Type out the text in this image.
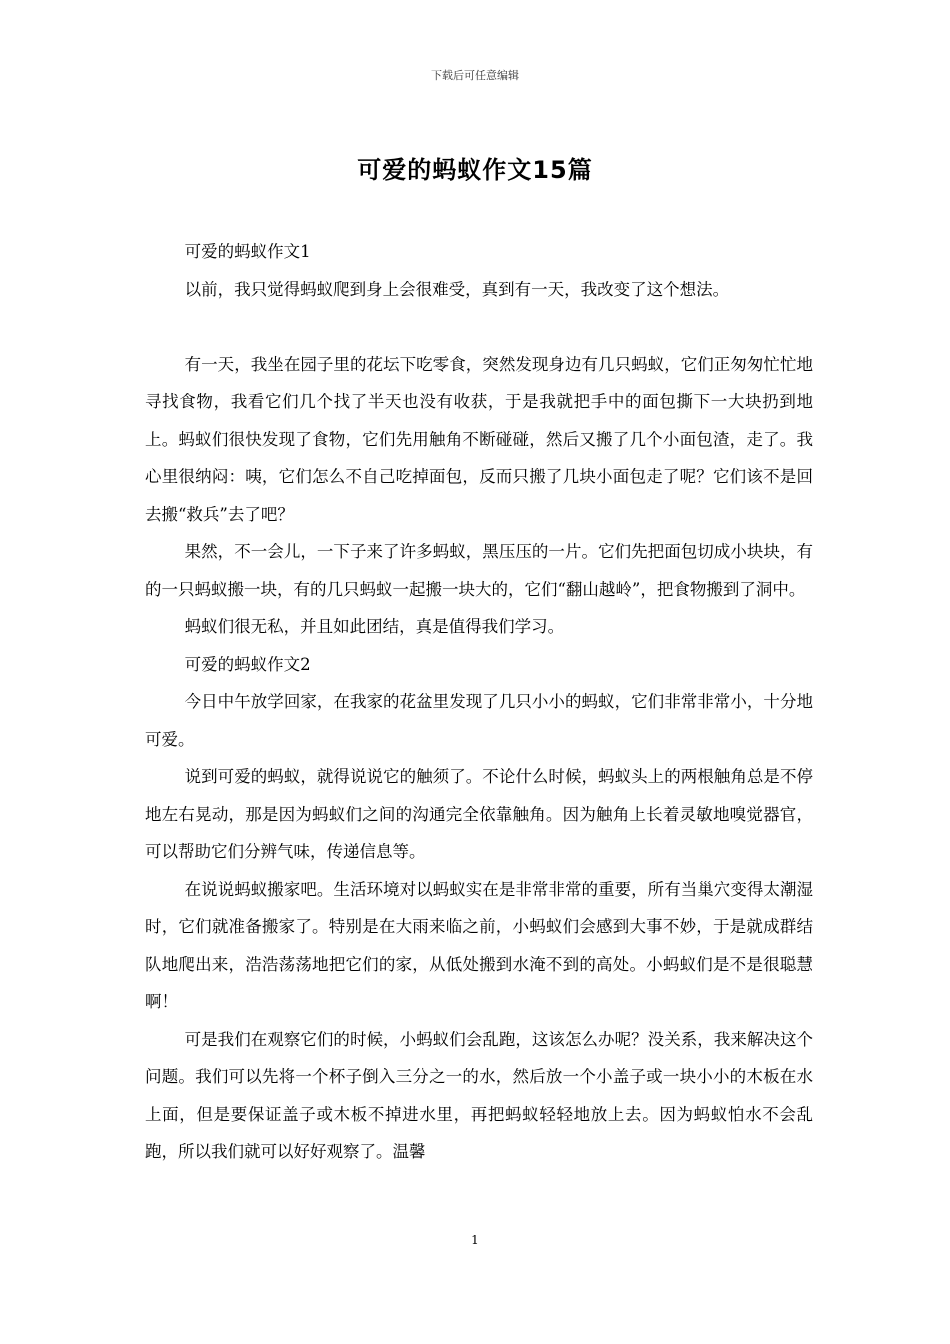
下载后可任意编辑
可爱的蚂蚁作文15篇

可爱的蚂蚁作文1

以前，我只觉得蚂蚁爬到身上会很难受，真到有一天，我改变了这个想法。

有一天，我坐在园子里的花坛下吃零食，突然发现身边有几只蚂蚁，它们正匆匆忙忙地寻找食物，我看它们几个找了半天也没有收获，于是我就把手中的面包撕下一大块扔到地上。蚂蚁们很快发现了食物，它们先用触角不断碰碰，然后又搬了几个小面包渣，走了。我心里很纳闷：咦，它们怎么不自己吃掉面包，反而只搬了几块小面包走了呢？它们该不是回去搬“救兵”去了吧？

果然，不一会儿，一下子来了许多蚂蚁，黑压压的一片。它们先把面包切成小块块，有的一只蚂蚁搬一块，有的几只蚂蚁一起搬一块大的，它们“翻山越岭”，把食物搬到了洞中。

蚂蚁们很无私，并且如此团结，真是值得我们学习。

可爱的蚂蚁作文2

今日中午放学回家，在我家的花盆里发现了几只小小的蚂蚁，它们非常非常小，十分地可爱。

说到可爱的蚂蚁，就得说说它的触须了。不论什么时候，蚂蚁头上的两根触角总是不停地左右晃动，那是因为蚂蚁们之间的沟通完全依靠触角。因为触角上长着灵敏地嗅觉器官，可以帮助它们分辨气味，传递信息等。

在说说蚂蚁搬家吧。生活环境对以蚂蚁实在是非常非常的重要，所有当巢穴变得太潮湿时，它们就准备搬家了。特别是在大雨来临之前，小蚂蚁们会感到大事不妙，于是就成群结队地爬出来，浩浩荡荡地把它们的家，从低处搬到水淹不到的高处。小蚂蚁们是不是很聪慧啊！

可是我们在观察它们的时候，小蚂蚁们会乱跑，这该怎么办呢？没关系，我来解决这个问题。我们可以先将一个杯子倒入三分之一的水，然后放一个小盖子或一块小小的木板在水上面，但是要保证盖子或木板不掉进水里，再把蚂蚁轻轻地放上去。因为蚂蚁怕水不会乱跑，所以我们就可以好好观察了。温馨

1
